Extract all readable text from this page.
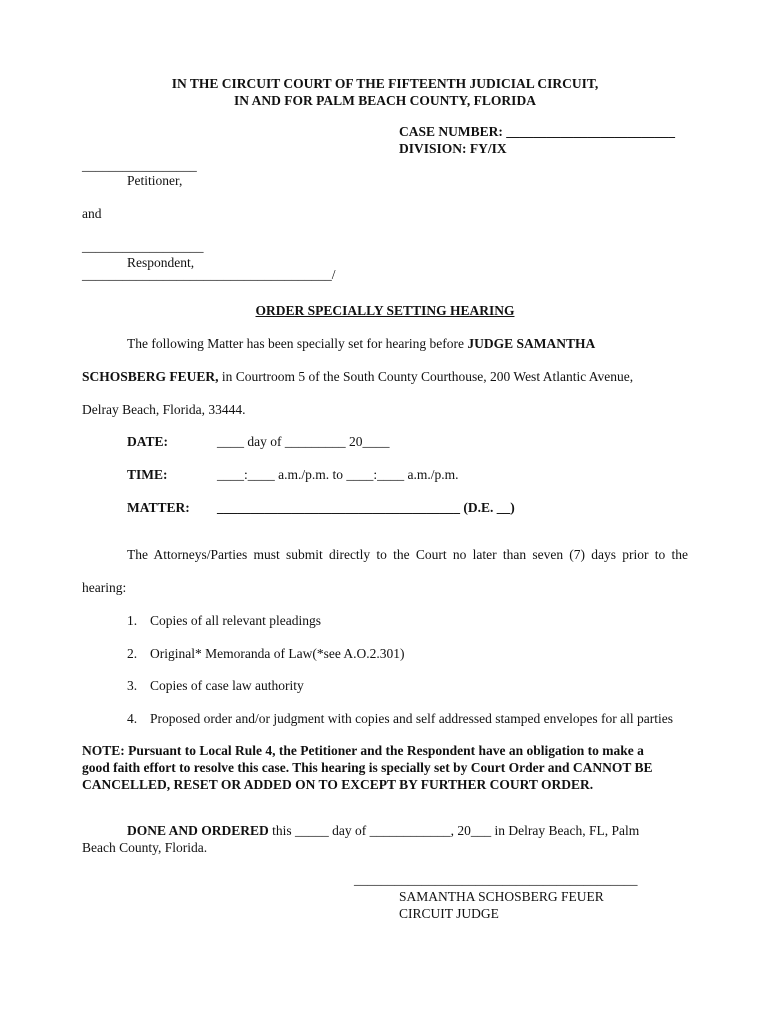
IN THE CIRCUIT COURT OF THE FIFTEENTH JUDICIAL CIRCUIT,
IN AND FOR PALM BEACH COUNTY, FLORIDA
CASE NUMBER: _________________________
DIVISION: FY/IX
_________________
Petitioner,
and
__________________
Respondent,
_____________________________________/
ORDER SPECIALLY SETTING HEARING
The following Matter has been specially set for hearing before JUDGE SAMANTHA
SCHOSBERG FEUER, in Courtroom 5 of the South County Courthouse, 200 West Atlantic Avenue,
Delray Beach, Florida, 33444.
DATE:	____ day of _________ 20____
TIME:	____:____ a.m./p.m. to ____:____ a.m./p.m.
MATTER: ____________________________________ (D.E. __)
The Attorneys/Parties must submit directly to the Court no later than seven (7) days prior to the
hearing:
1. Copies of all relevant pleadings
2. Original* Memoranda of Law(*see A.O.2.301)
3. Copies of case law authority
4. Proposed order and/or judgment with copies and self addressed stamped envelopes for all parties
NOTE: Pursuant to Local Rule 4, the Petitioner and the Respondent have an obligation to make a
good faith effort to resolve this case. This hearing is specially set by Court Order and CANNOT BE
CANCELLED, RESET OR ADDED ON TO EXCEPT BY FURTHER COURT ORDER.
DONE AND ORDERED this _____ day of ____________, 20___ in Delray Beach, FL, Palm
Beach County, Florida.
__________________________________________
SAMANTHA SCHOSBERG FEUER
CIRCUIT JUDGE
